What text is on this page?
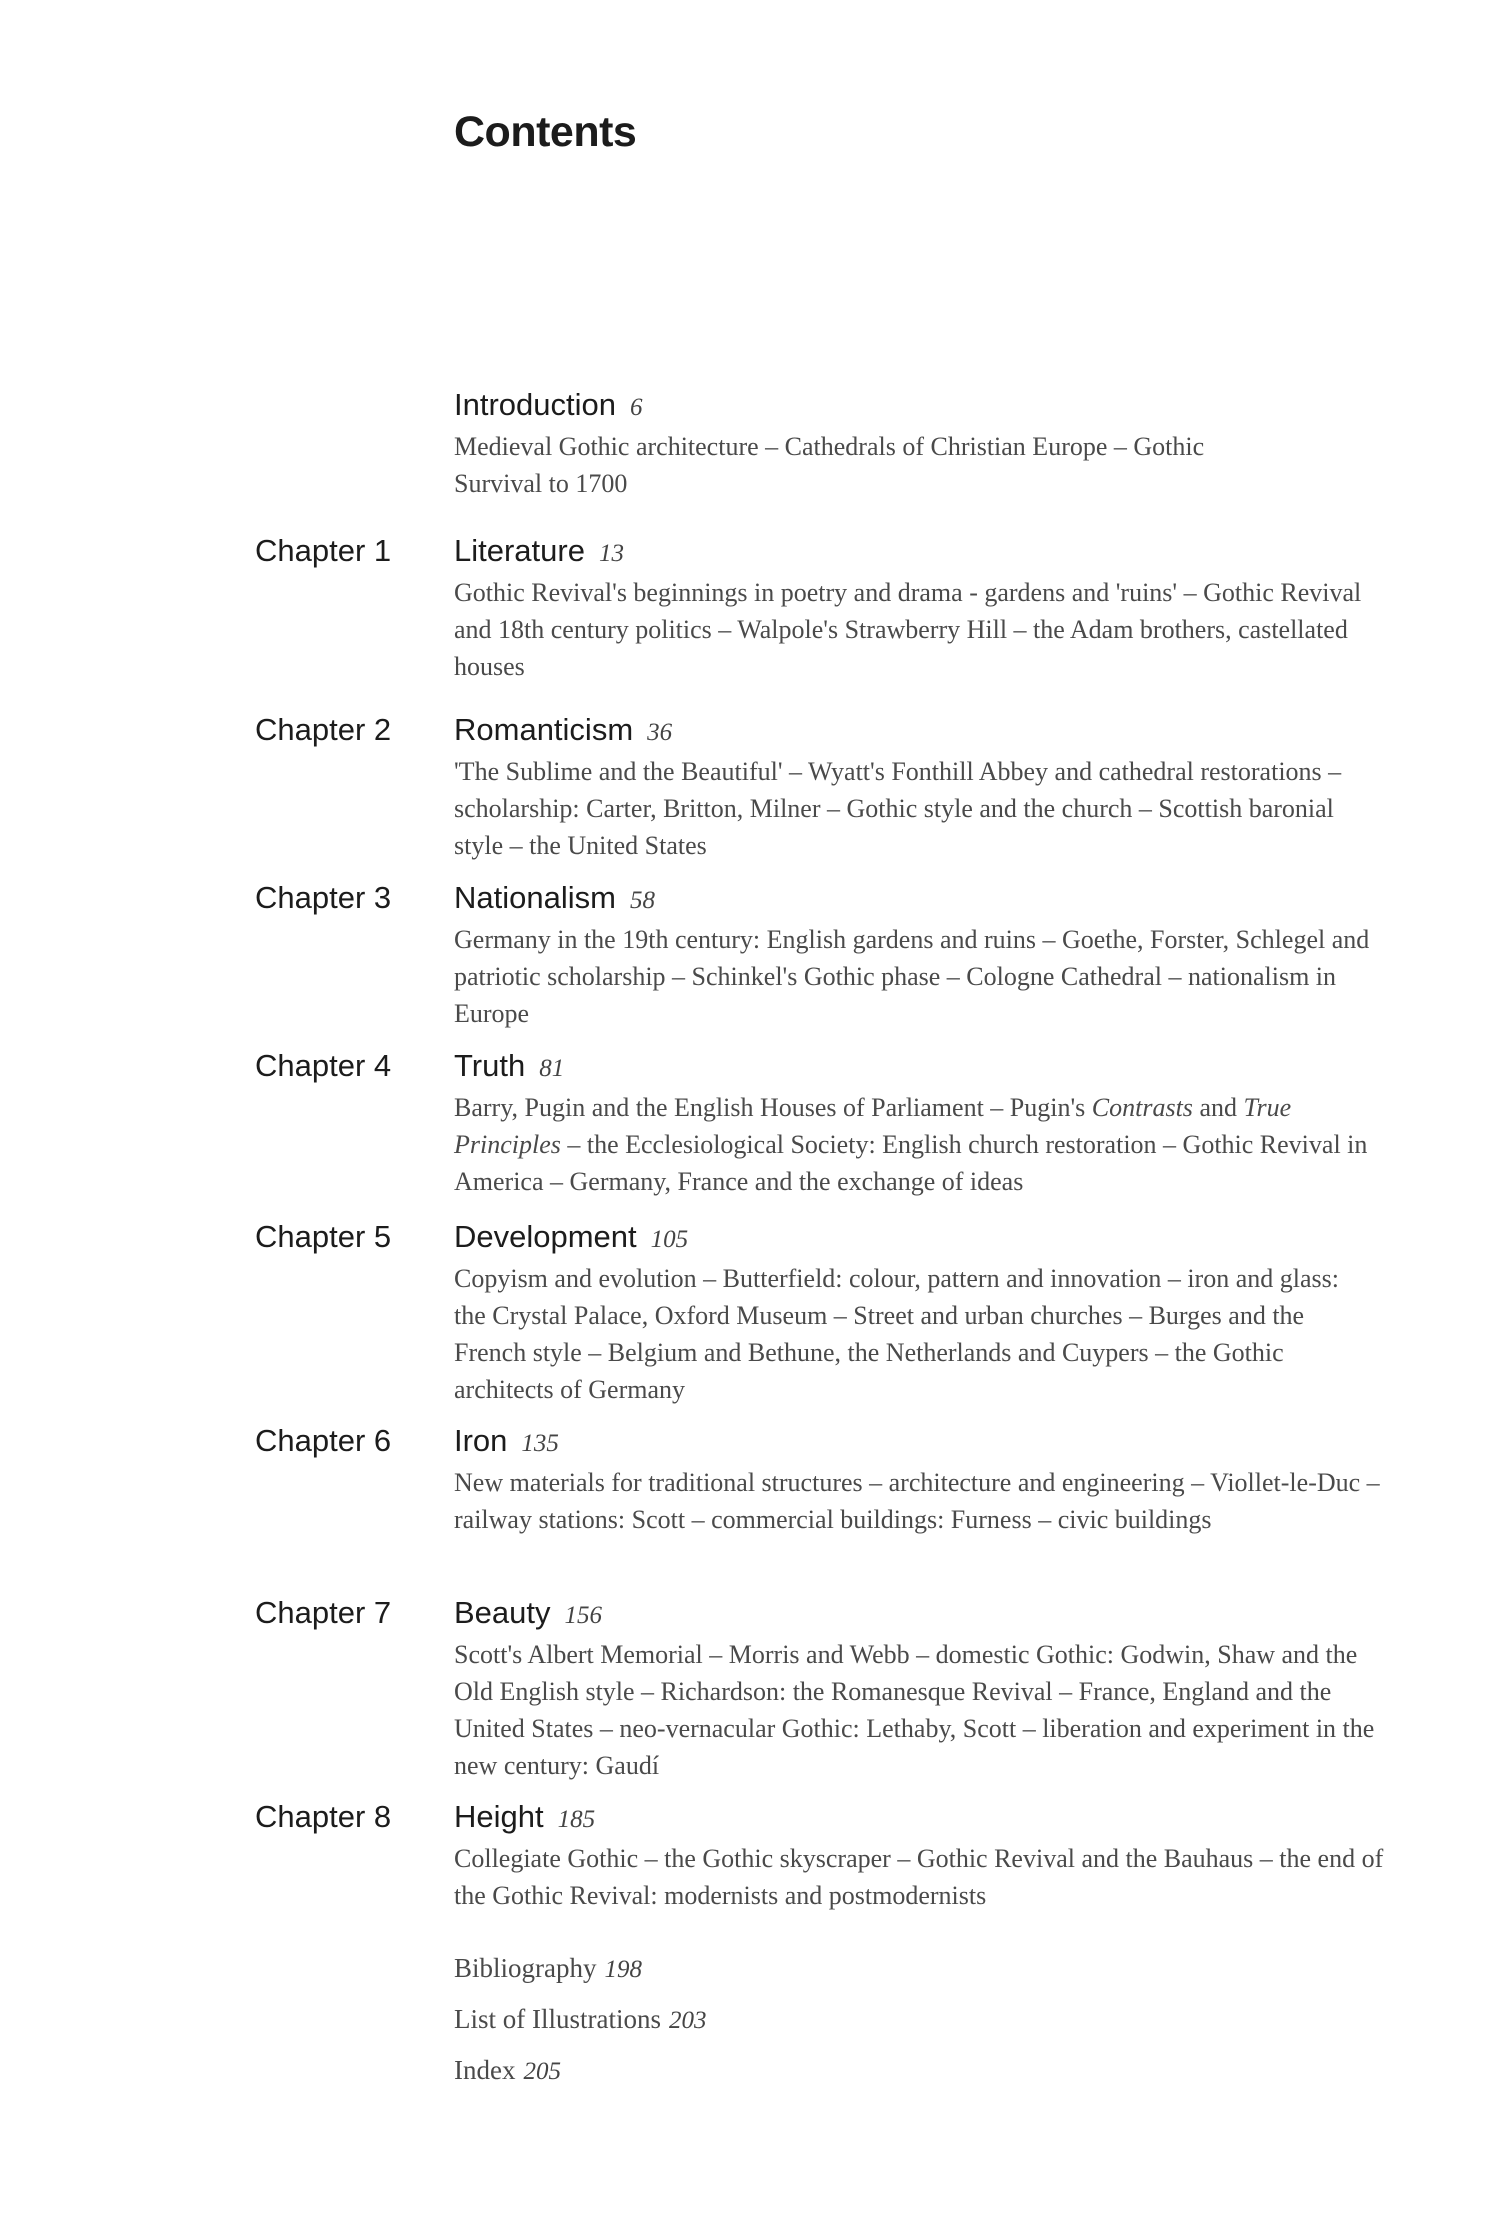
Contents
Introduction 6
Medieval Gothic architecture – Cathedrals of Christian Europe – Gothic Survival to 1700
Chapter 1 Literature 13
Gothic Revival's beginnings in poetry and drama - gardens and 'ruins' – Gothic Revival and 18th century politics – Walpole's Strawberry Hill – the Adam brothers, castellated houses
Chapter 2 Romanticism 36
'The Sublime and the Beautiful' – Wyatt's Fonthill Abbey and cathedral restorations – scholarship: Carter, Britton, Milner – Gothic style and the church – Scottish baronial style – the United States
Chapter 3 Nationalism 58
Germany in the 19th century: English gardens and ruins – Goethe, Forster, Schlegel and patriotic scholarship – Schinkel's Gothic phase – Cologne Cathedral – nationalism in Europe
Chapter 4 Truth 81
Barry, Pugin and the English Houses of Parliament – Pugin's Contrasts and True Principles – the Ecclesiological Society: English church restoration – Gothic Revival in America – Germany, France and the exchange of ideas
Chapter 5 Development 105
Copyism and evolution – Butterfield: colour, pattern and innovation – iron and glass: the Crystal Palace, Oxford Museum – Street and urban churches – Burges and the French style – Belgium and Bethune, the Netherlands and Cuypers – the Gothic architects of Germany
Chapter 6 Iron 135
New materials for traditional structures – architecture and engineering – Viollet-le-Duc – railway stations: Scott – commercial buildings: Furness – civic buildings
Chapter 7 Beauty 156
Scott's Albert Memorial – Morris and Webb – domestic Gothic: Godwin, Shaw and the Old English style – Richardson: the Romanesque Revival – France, England and the United States – neo-vernacular Gothic: Lethaby, Scott – liberation and experiment in the new century: Gaudí
Chapter 8 Height 185
Collegiate Gothic – the Gothic skyscraper – Gothic Revival and the Bauhaus – the end of the Gothic Revival: modernists and postmodernists
Bibliography 198
List of Illustrations 203
Index 205
